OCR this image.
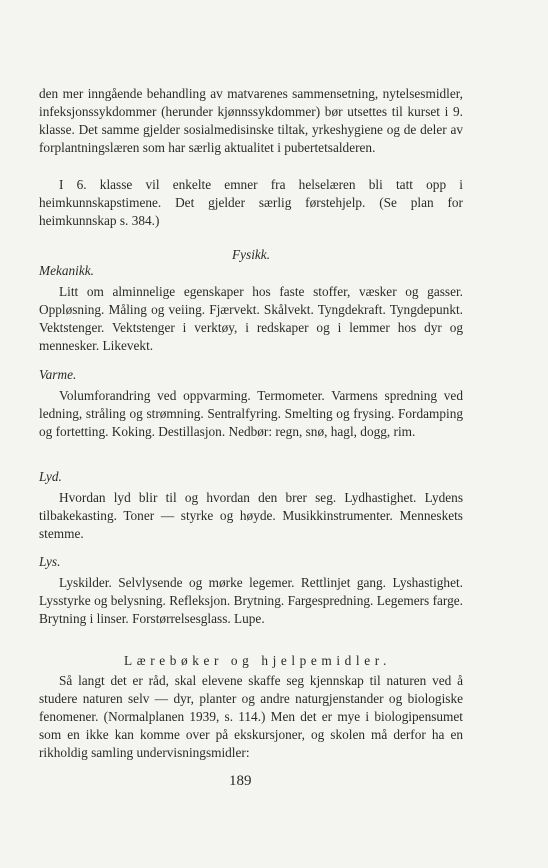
den mer inngående behandling av matvarenes sammensetning, nytelsesmidler, infeksjonssykdommer (herunder kjønnssykdommer) bør utsettes til kurset i 9. klasse. Det samme gjelder sosialmedisinske tiltak, yrkeshygiene og de deler av forplantningslæren som har særlig aktualitet i pubertetsalderen.

I 6. klasse vil enkelte emner fra helselæren bli tatt opp i heimkunnskapstimene. Det gjelder særlig førstehjelp. (Se plan for heimkunnskap s. 384.)

Fysikk.
Mekanikk.

Litt om alminnelige egenskaper hos faste stoffer, væsker og gasser. Oppløsning. Måling og veiing. Fjærvekt. Skålvekt. Tyngdekraft. Tyngdepunkt. Vektstenger. Vektstenger i verktøy, i redskaper og i lemmer hos dyr og mennesker. Likevekt.

Varme.

Volumforandring ved oppvarming. Termometer. Varmens spredning ved ledning, stråling og strømning. Sentralfyring. Smelting og frysing. Fordamping og fortetting. Koking. Destillasjon. Nedbør: regn, snø, hagl, dogg, rim.

Lyd.

Hvordan lyd blir til og hvordan den brer seg. Lydhastighet. Lydens tilbakekasting. Toner — styrke og høyde. Musikkinstrumenter. Menneskets stemme.

Lys.

Lyskilder. Selvlysende og mørke legemer. Rettlinjet gang. Lyshastighet. Lysstyrke og belysning. Refleksjon. Brytning. Fargespredning. Legemers farge. Brytning i linser. Forstørrelsesglass. Lupe.

Lærebøker og hjelpemidler.

Så langt det er råd, skal elevene skaffe seg kjennskap til naturen ved å studere naturen selv — dyr, planter og andre naturgjenstander og biologiske fenomener. (Normalplanen 1939, s. 114.) Men det er mye i biologipensumet som en ikke kan komme over på ekskursjoner, og skolen må derfor ha en rikholdig samling undervisningsmidler:

189
